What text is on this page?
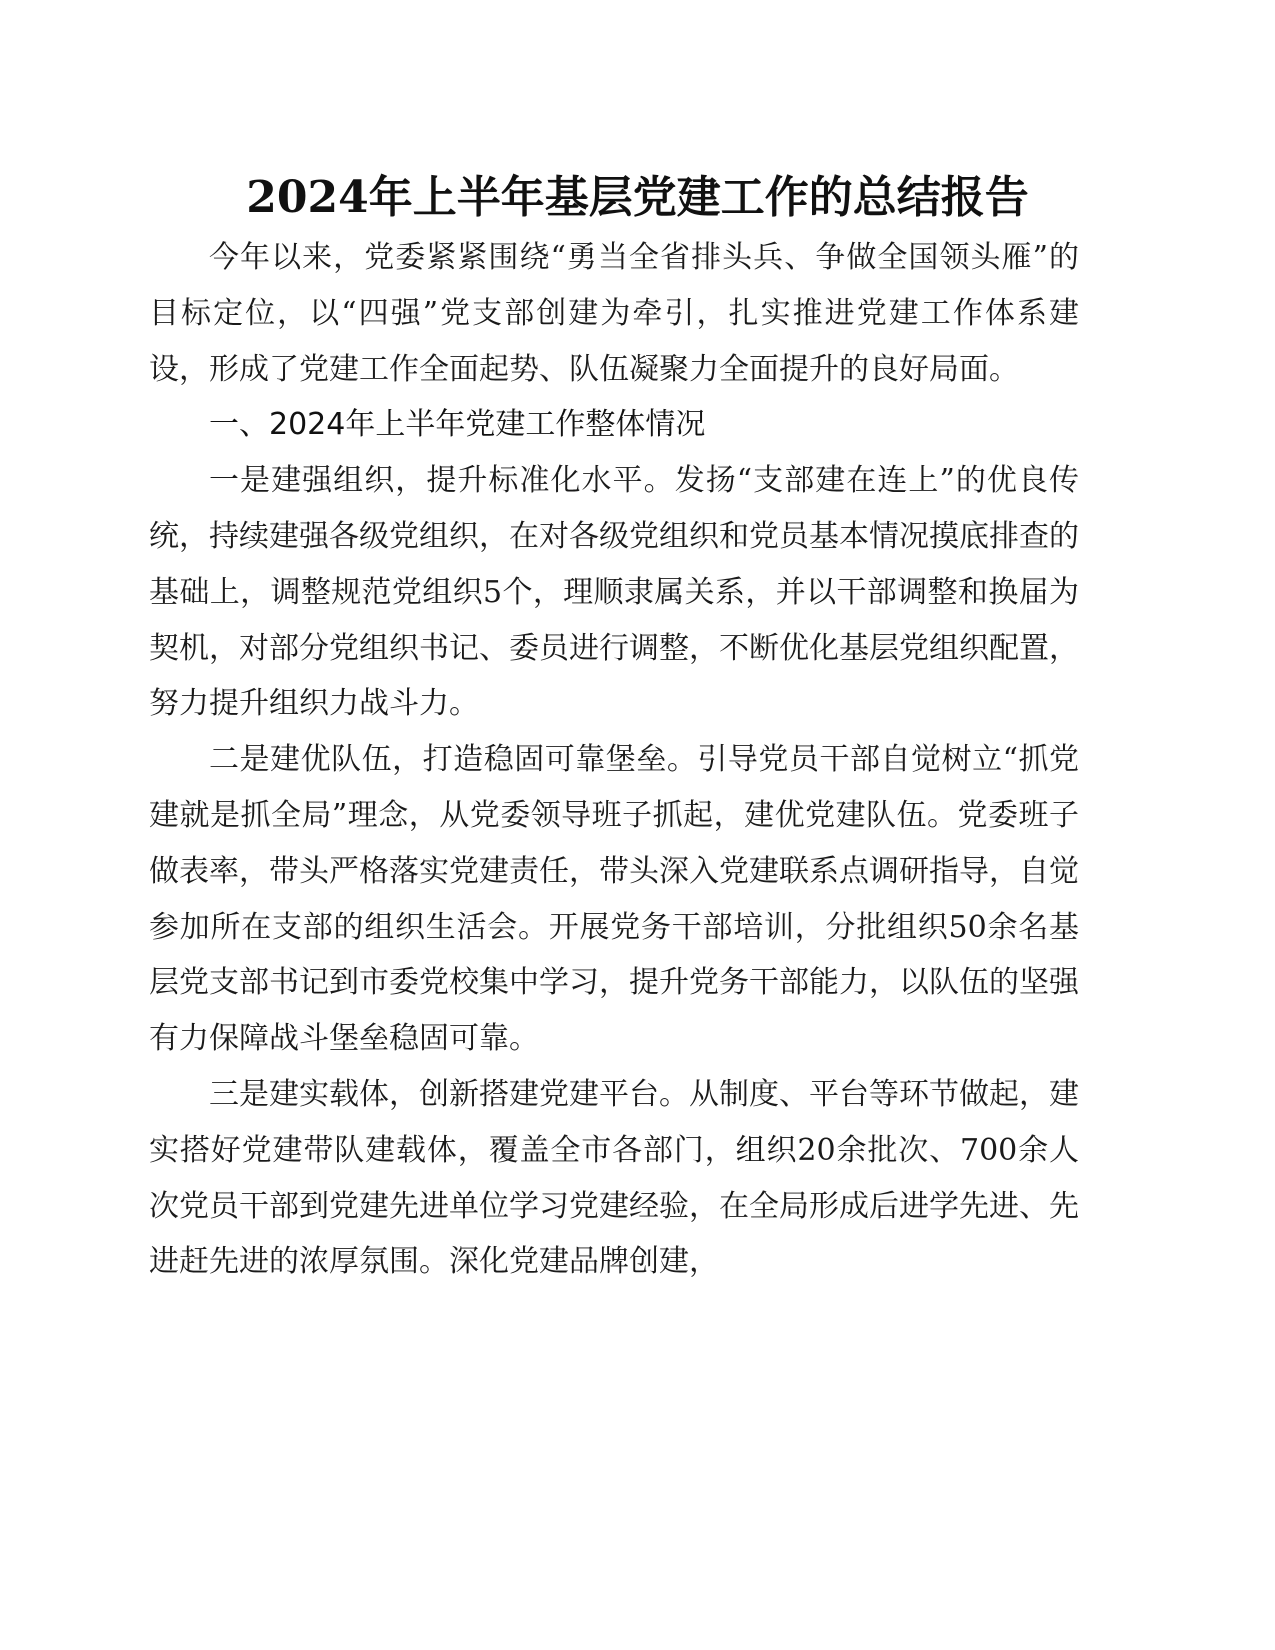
2024年上半年基层党建工作的总结报告

今年以来，党委紧紧围绕“勇当全省排头兵、争做全国领头雁”的目标定位，以“四强”党支部创建为牵引，扎实推进党建工作体系建设，形成了党建工作全面起势、队伍凝聚力全面提升的良好局面。

一、2024年上半年党建工作整体情况

一是建强组织，提升标准化水平。发扬“支部建在连上”的优良传统，持续建强各级党组织，在对各级党组织和党员基本情况摸底排查的基础上，调整规范党组织5个，理顺隶属关系，并以干部调整和换届为契机，对部分党组织书记、委员进行调整，不断优化基层党组织配置，努力提升组织力战斗力。

二是建优队伍，打造稳固可靠堡垒。引导党员干部自觉树立“抓党建就是抓全局”理念，从党委领导班子抓起，建优党建队伍。党委班子做表率，带头严格落实党建责任，带头深入党建联系点调研指导，自觉参加所在支部的组织生活会。开展党务干部培训，分批组织50余名基层党支部书记到市委党校集中学习，提升党务干部能力，以队伍的坚强有力保障战斗堡垒稳固可靠。

三是建实载体，创新搭建党建平台。从制度、平台等环节做起，建实搭好党建带队建载体，覆盖全市各部门，组织20余批次、700余人次党员干部到党建先进单位学习党建经验，在全局形成后进学先进、先进赶先进的浓厚氛围。深化党建品牌创建，
